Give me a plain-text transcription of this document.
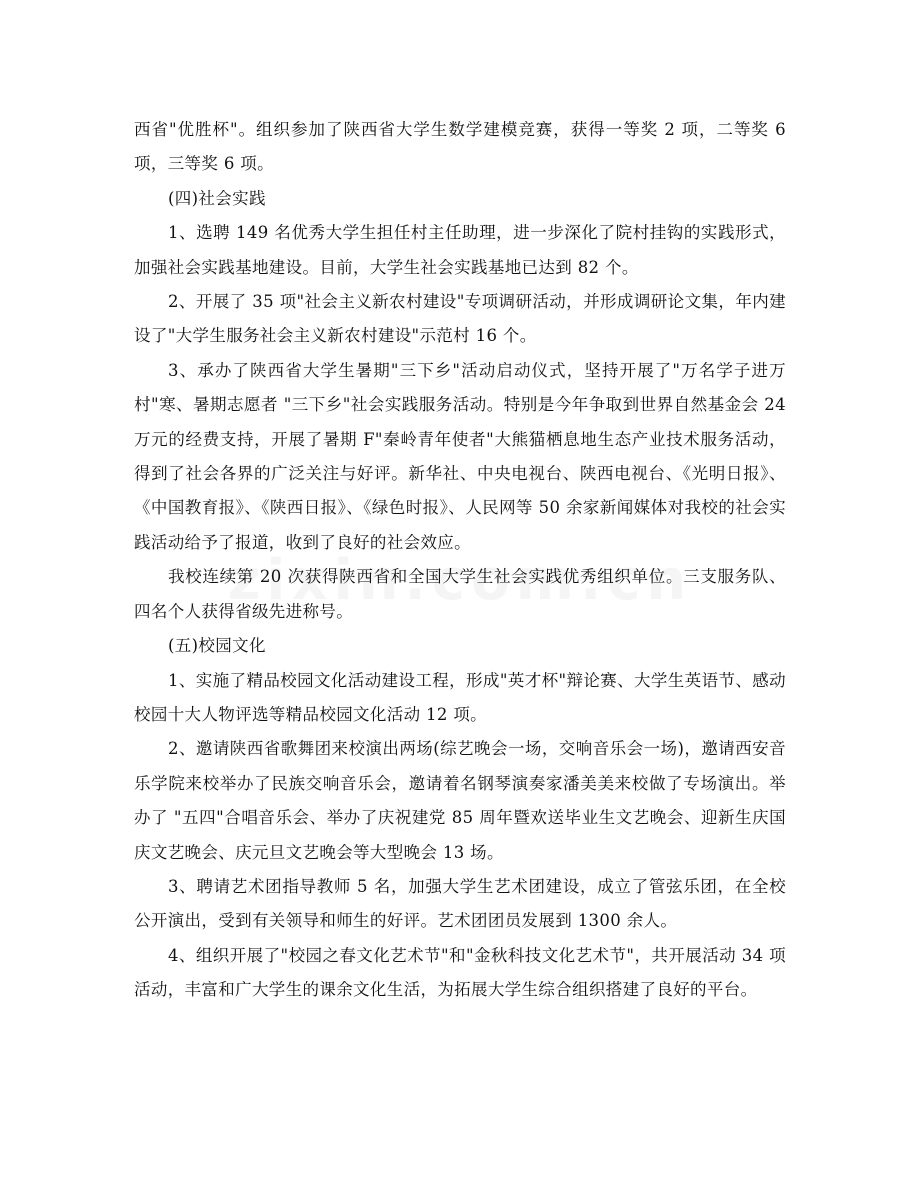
西省"优胜杯"。组织参加了陕西省大学生数学建模竞赛，获得一等奖 2 项，二等奖 6 项，三等奖 6 项。

(四)社会实践

1、选聘 149 名优秀大学生担任村主任助理，进一步深化了院村挂钩的实践形式，加强社会实践基地建设。目前，大学生社会实践基地已达到 82 个。

2、开展了 35 项"社会主义新农村建设"专项调研活动，并形成调研论文集，年内建设了"大学生服务社会主义新农村建设"示范村 16 个。

3、承办了陕西省大学生暑期"三下乡"活动启动仪式，坚持开展了"万名学子进万村"寒、暑期志愿者 "三下乡"社会实践服务活动。特别是今年争取到世界自然基金会 24 万元的经费支持，开展了暑期 F"秦岭青年使者"大熊猫栖息地生态产业技术服务活动，得到了社会各界的广泛关注与好评。新华社、中央电视台、陕西电视台、《光明日报》、《中国教育报》、《陕西日报》、《绿色时报》、人民网等 50 余家新闻媒体对我校的社会实践活动给予了报道，收到了良好的社会效应。

我校连续第 20 次获得陕西省和全国大学生社会实践优秀组织单位。三支服务队、四名个人获得省级先进称号。

(五)校园文化

1、实施了精品校园文化活动建设工程，形成"英才杯"辩论赛、大学生英语节、感动校园十大人物评选等精品校园文化活动 12 项。

2、邀请陕西省歌舞团来校演出两场(综艺晚会一场，交响音乐会一场)，邀请西安音乐学院来校举办了民族交响音乐会，邀请着名钢琴演奏家潘美美来校做了专场演出。举办了 "五四"合唱音乐会、举办了庆祝建党 85 周年暨欢送毕业生文艺晚会、迎新生庆国庆文艺晚会、庆元旦文艺晚会等大型晚会 13 场。

3、聘请艺术团指导教师 5 名，加强大学生艺术团建设，成立了管弦乐团，在全校公开演出，受到有关领导和师生的好评。艺术团团员发展到 1300 余人。

4、组织开展了"校园之春文化艺术节"和"金秋科技文化艺术节"，共开展活动 34 项活动，丰富和广大学生的课余文化生活，为拓展大学生综合组织搭建了良好的平台。
